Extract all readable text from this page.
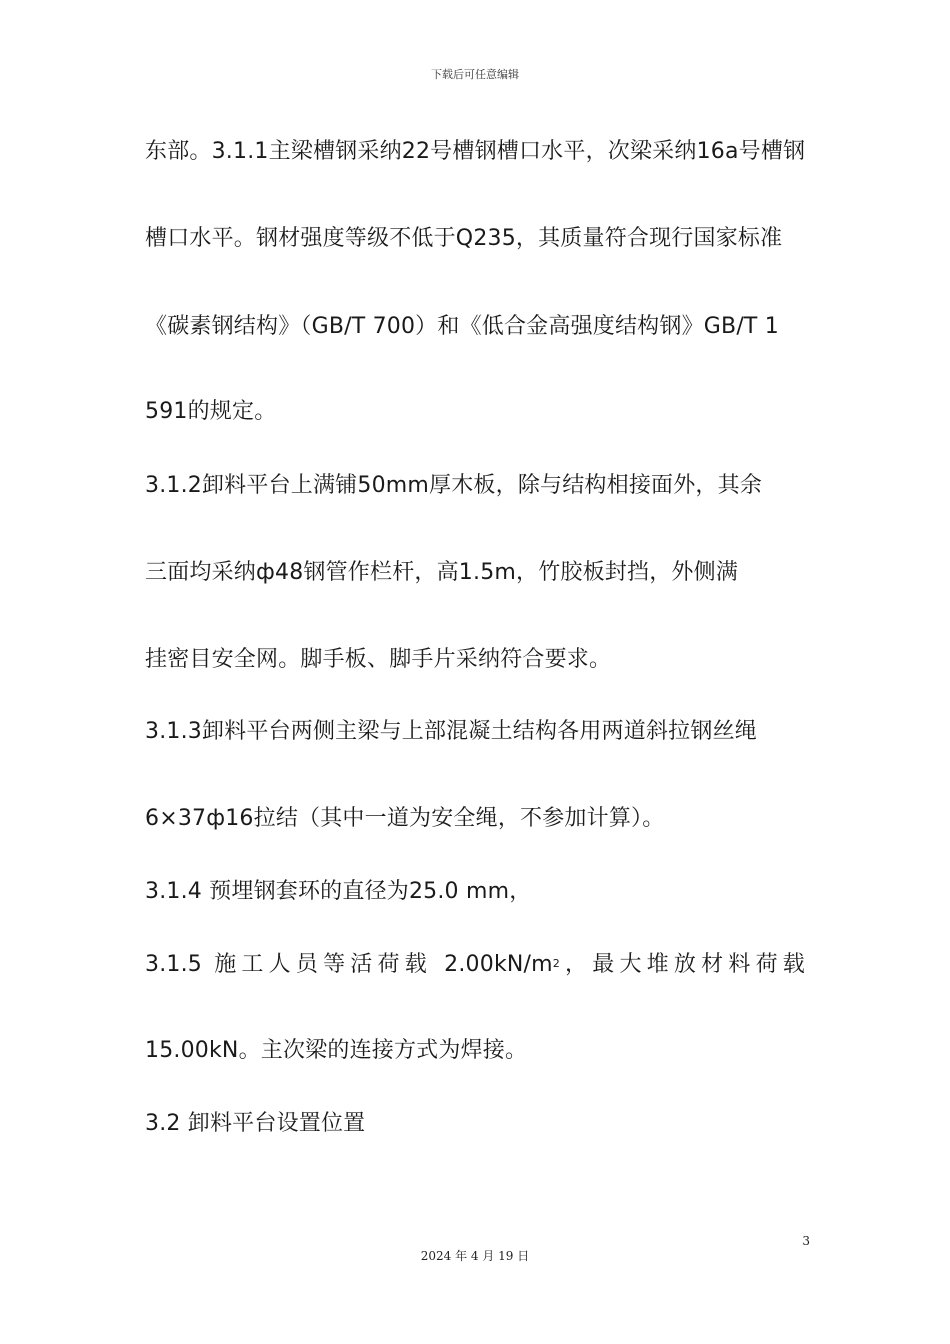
下载后可任意编辑
东部。3.1.1主梁槽钢采纳22号槽钢槽口水平，次梁采纳16a号槽钢
槽口水平。钢材强度等级不低于Q235，其质量符合现行国家标准
《碳素钢结构》（GB/T 700）和《低合金高强度结构钢》GB/T 1
591的规定。
3.1.2卸料平台上满铺50mm厚木板，除与结构相接面外，其余
三面均采纳ф48钢管作栏杆，高1.5m，竹胶板封挡，外侧满
挂密目安全网。脚手板、脚手片采纳符合要求。
3.1.3卸料平台两侧主梁与上部混凝土结构各用两道斜拉钢丝绳
6×37ф16拉结（其中一道为安全绳，不参加计算）。
3.1.4 预埋钢套环的直径为25.0 mm，
3.1.5 施工人员等活荷载 $2.00kN/m^2$，最大堆放材料荷载
15.00kN。主次梁的连接方式为焊接。
3.2 卸料平台设置位置
3
2024 年 4 月 19 日
